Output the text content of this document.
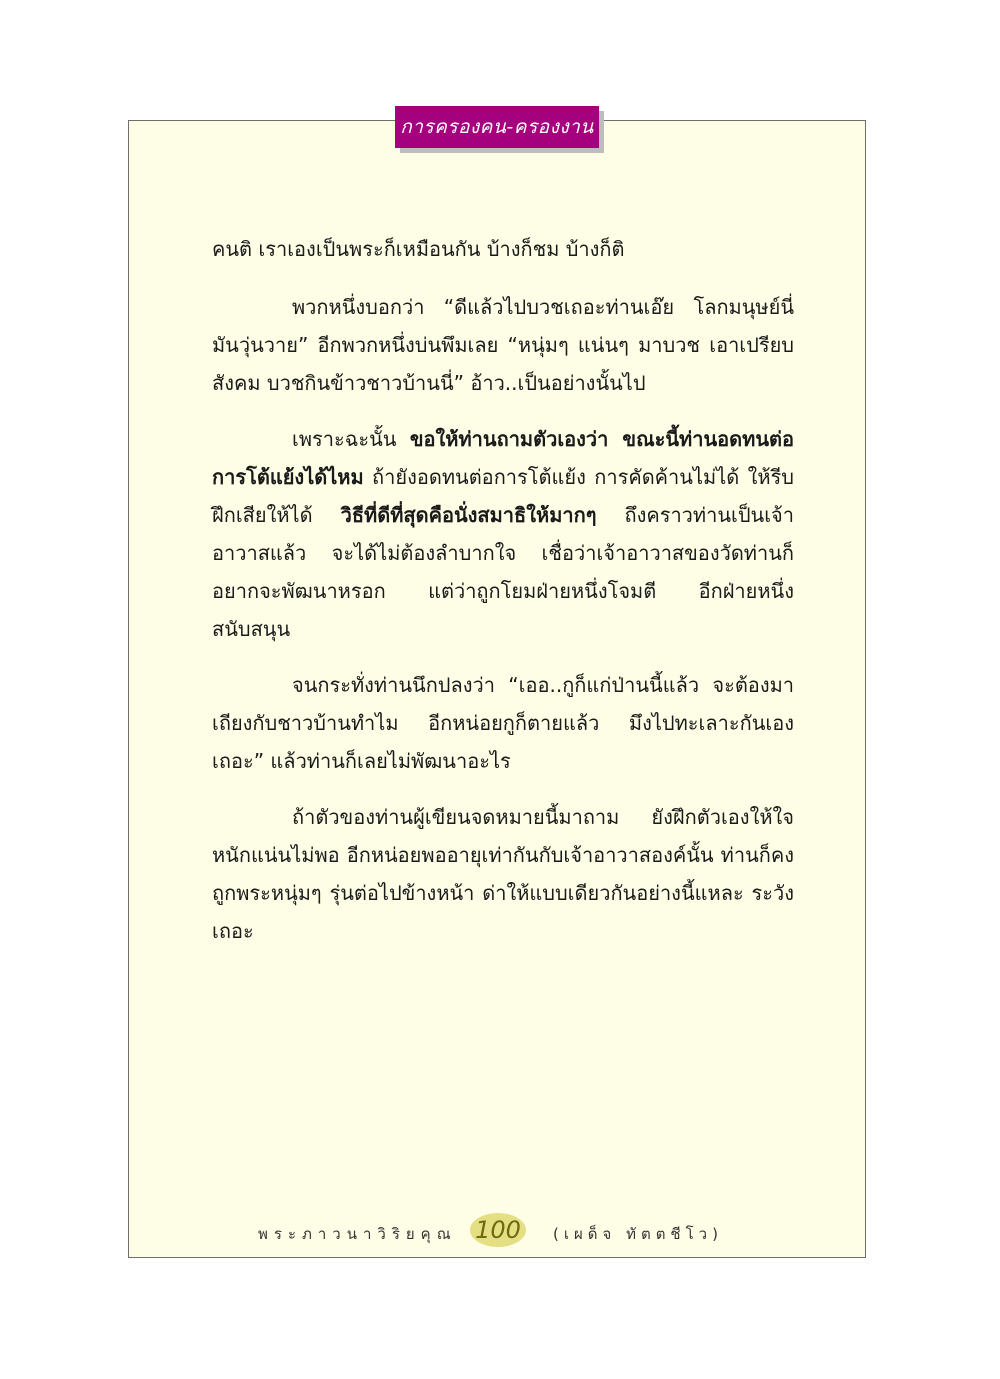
การครองคน-ครองงาน

คนติ เราเองเป็นพระก็เหมือนกัน บ้างก็ชม บ้างก็ติ

พวกหนึ่งบอกว่า “ดีแล้วไปบวชเถอะท่านเอ๊ย โลกมนุษย์นี่มันวุ่นวาย” อีกพวกหนึ่งบ่นพึมเลย “หนุ่มๆ แน่นๆ มาบวช เอาเปรียบสังคม บวชกินข้าวชาวบ้านนี่” อ้าว..เป็นอย่างนั้นไป

เพราะฉะนั้น ขอให้ท่านถามตัวเองว่า ขณะนี้ท่านอดทนต่อการโต้แย้งได้ไหม ถ้ายังอดทนต่อการโต้แย้ง การคัดค้านไม่ได้ ให้รีบฝึกเสียให้ได้ วิธีที่ดีที่สุดคือนั่งสมาธิให้มากๆ ถึงคราวท่านเป็นเจ้าอาวาสแล้ว จะได้ไม่ต้องลำบากใจ เชื่อว่าเจ้าอาวาสของวัดท่านก็อยากจะพัฒนาหรอก แต่ว่าถูกโยมฝ่ายหนึ่งโจมตี อีกฝ่ายหนึ่งสนับสนุน

จนกระทั่งท่านนึกปลงว่า “เออ..กูก็แก่ป่านนี้แล้ว จะต้องมาเถียงกับชาวบ้านทำไม อีกหน่อยกูก็ตายแล้ว มึงไปทะเลาะกันเองเถอะ” แล้วท่านก็เลยไม่พัฒนาอะไร

ถ้าตัวของท่านผู้เขียนจดหมายนี้มาถาม ยังฝึกตัวเองให้ใจหนักแน่นไม่พอ อีกหน่อยพออายุเท่ากันกับเจ้าอาวาสองค์นั้น ท่านก็คงถูกพระหนุ่มๆ รุ่นต่อไปข้างหน้า ด่าให้แบบเดียวกันอย่างนี้แหละ ระวังเถอะ

พระภาวนาวิริยคุณ 100	(เผด็จ ทัตตชีโว)
